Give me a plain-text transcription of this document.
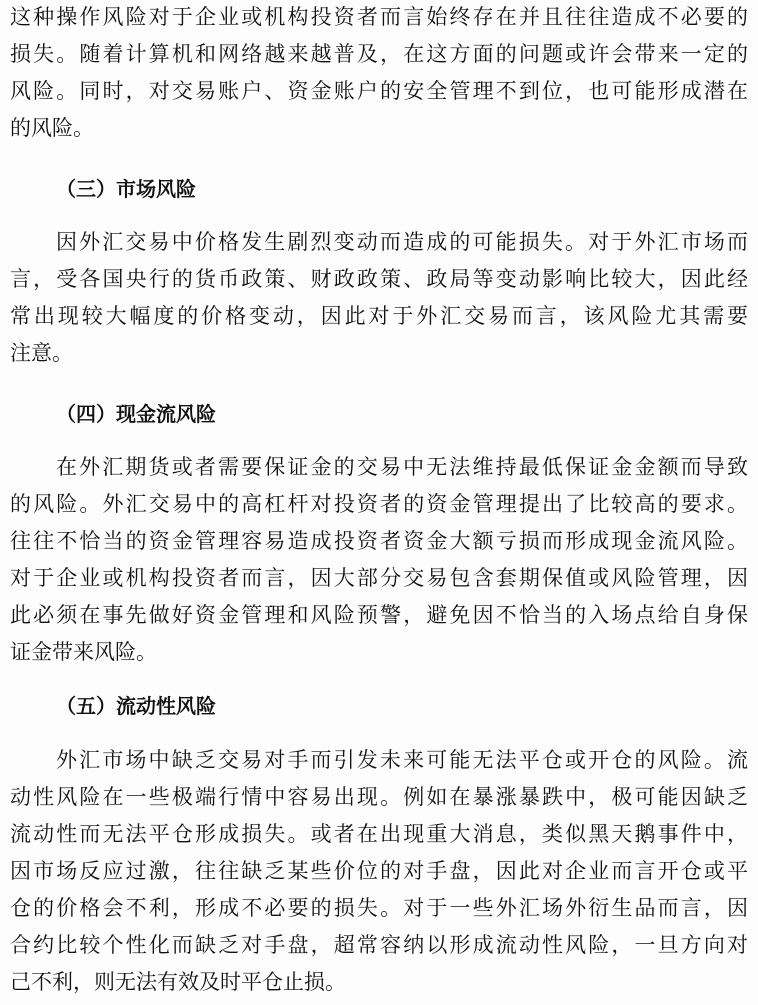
这种操作风险对于企业或机构投资者而言始终存在并且往往造成不必要的
损失。随着计算机和网络越来越普及，在这方面的问题或许会带来一定的
风险。同时，对交易账户、资金账户的安全管理不到位，也可能形成潜在
的风险。
（三）市场风险
因外汇交易中价格发生剧烈变动而造成的可能损失。对于外汇市场而
言，受各国央行的货币政策、财政政策、政局等变动影响比较大，因此经
常出现较大幅度的价格变动，因此对于外汇交易而言，该风险尤其需要
注意。
（四）现金流风险
在外汇期货或者需要保证金的交易中无法维持最低保证金金额而导致
的风险。外汇交易中的高杠杆对投资者的资金管理提出了比较高的要求。
往往不恰当的资金管理容易造成投资者资金大额亏损而形成现金流风险。
对于企业或机构投资者而言，因大部分交易包含套期保值或风险管理，因
此必须在事先做好资金管理和风险预警，避免因不恰当的入场点给自身保
证金带来风险。
（五）流动性风险
外汇市场中缺乏交易对手而引发未来可能无法平仓或开仓的风险。流
动性风险在一些极端行情中容易出现。例如在暴涨暴跌中，极可能因缺乏
流动性而无法平仓形成损失。或者在出现重大消息，类似黑天鹅事件中，
因市场反应过激，往往缺乏某些价位的对手盘，因此对企业而言开仓或平
仓的价格会不利，形成不必要的损失。对于一些外汇场外衍生品而言，因
合约比较个性化而缺乏对手盘，超常容纳以形成流动性风险，一旦方向对
己不利，则无法有效及时平仓止损。
